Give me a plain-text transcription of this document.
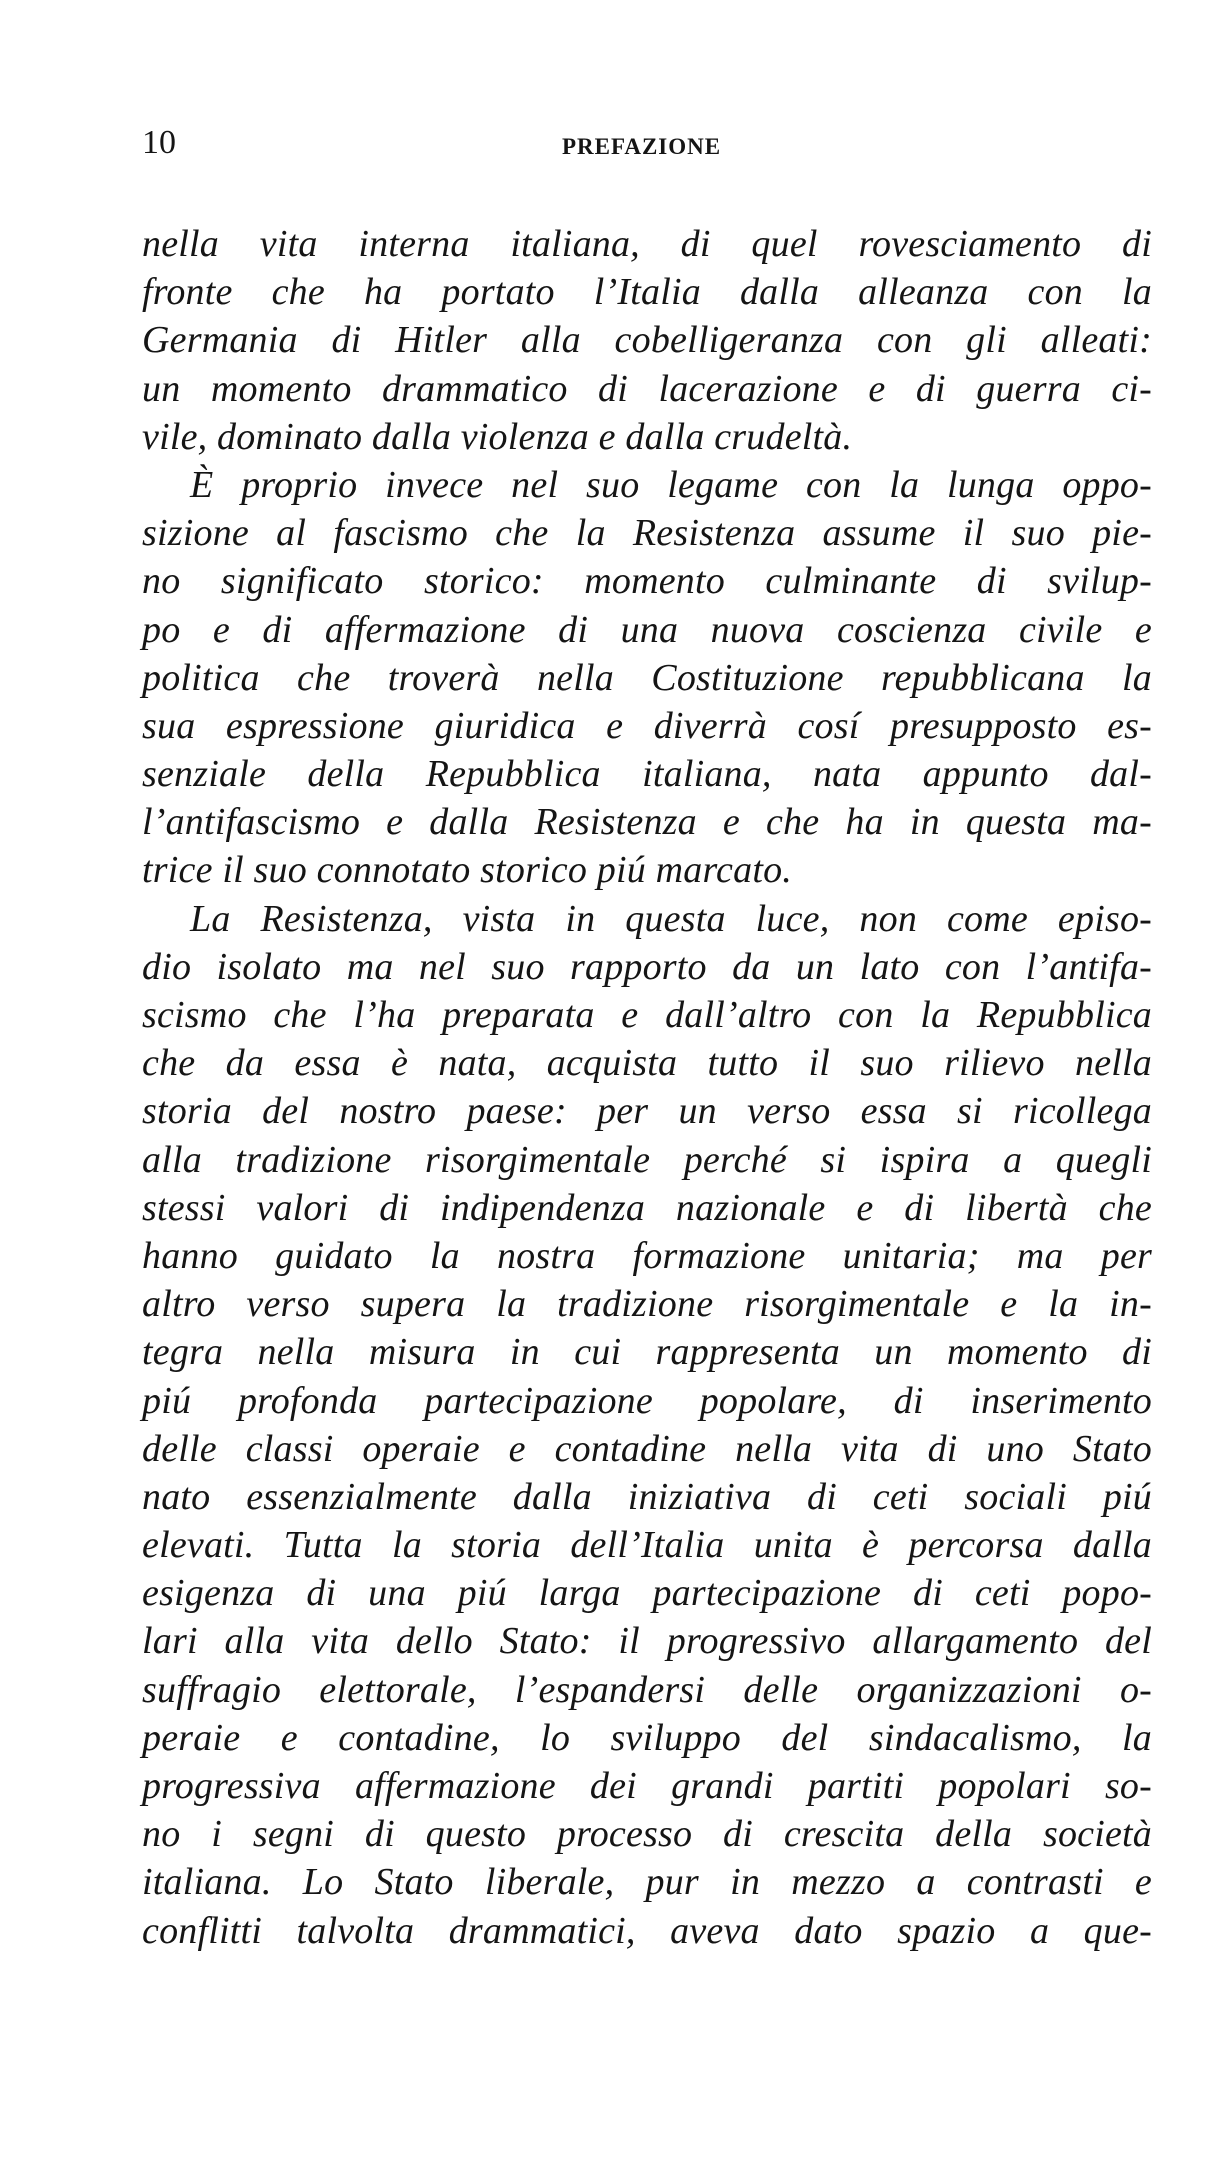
10	PREFAZIONE
nella vita interna italiana, di quel rovesciamento di
fronte che ha portato l’Italia dalla alleanza con la
Germania di Hitler alla cobelligeranza con gli alleati:
un momento drammatico di lacerazione e di guerra ci-
vile, dominato dalla violenza e dalla crudeltà.
È proprio invece nel suo legame con la lunga oppo-
sizione al fascismo che la Resistenza assume il suo pie-
no significato storico: momento culminante di svilup-
po e di affermazione di una nuova coscienza civile e
politica che troverà nella Costituzione repubblicana la
sua espressione giuridica e diverrà cosí presupposto es-
senziale della Repubblica italiana, nata appunto dal-
l’antifascismo e dalla Resistenza e che ha in questa ma-
trice il suo connotato storico piú marcato.
La Resistenza, vista in questa luce, non come episo-
dio isolato ma nel suo rapporto da un lato con l’antifa-
scismo che l’ha preparata e dall’altro con la Repubblica
che da essa è nata, acquista tutto il suo rilievo nella
storia del nostro paese: per un verso essa si ricollega
alla tradizione risorgimentale perché si ispira a quegli
stessi valori di indipendenza nazionale e di libertà che
hanno guidato la nostra formazione unitaria; ma per
altro verso supera la tradizione risorgimentale e la in-
tegra nella misura in cui rappresenta un momento di
piú profonda partecipazione popolare, di inserimento
delle classi operaie e contadine nella vita di uno Stato
nato essenzialmente dalla iniziativa di ceti sociali piú
elevati. Tutta la storia dell’Italia unita è percorsa dalla
esigenza di una piú larga partecipazione di ceti popo-
lari alla vita dello Stato: il progressivo allargamento del
suffragio elettorale, l’espandersi delle organizzazioni o-
peraie e contadine, lo sviluppo del sindacalismo, la
progressiva affermazione dei grandi partiti popolari so-
no i segni di questo processo di crescita della società
italiana. Lo Stato liberale, pur in mezzo a contrasti e
conflitti talvolta drammatici, aveva dato spazio a que-
